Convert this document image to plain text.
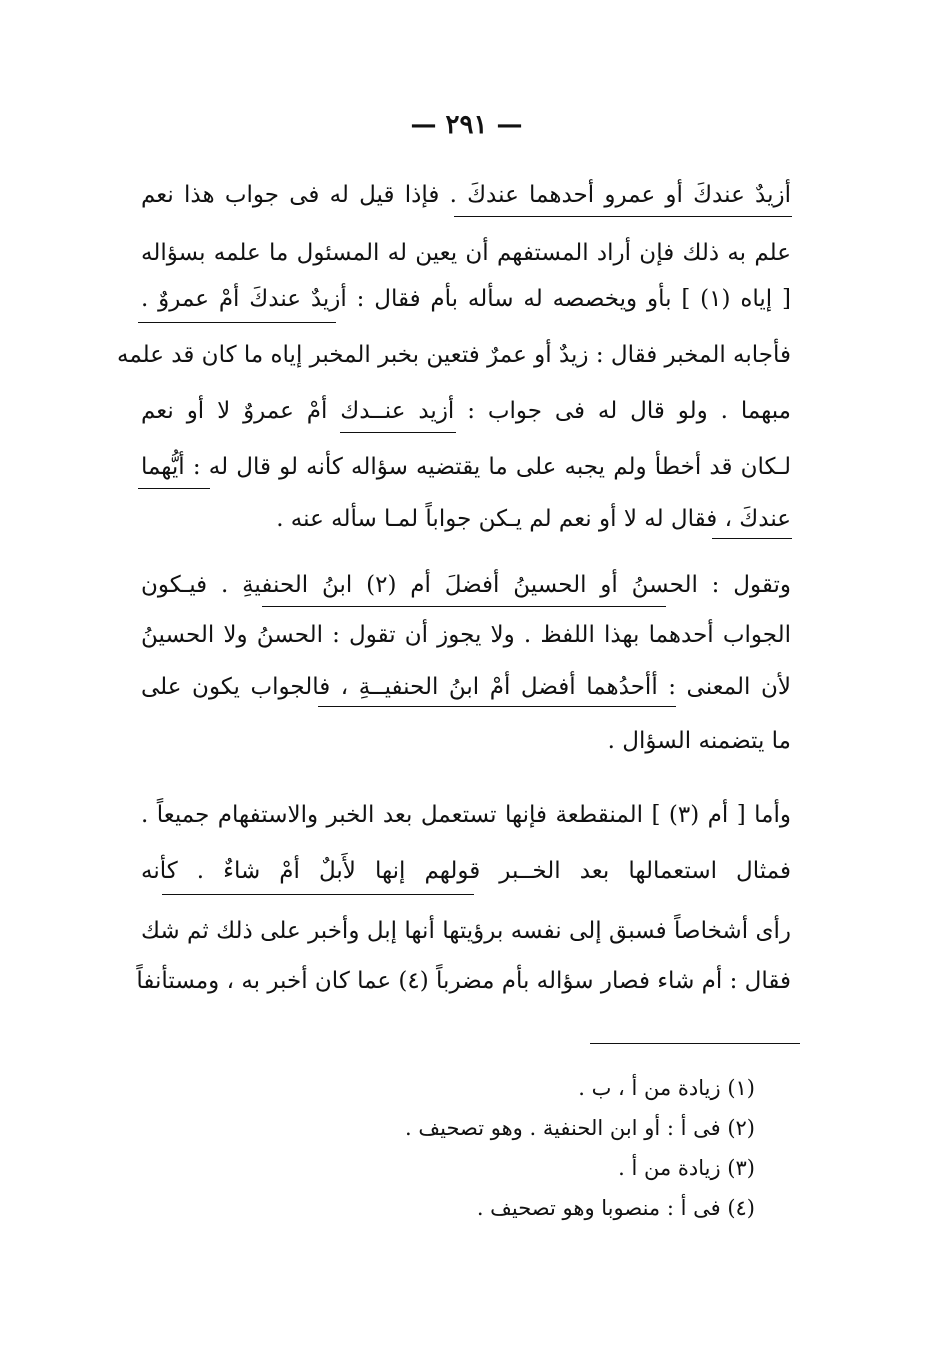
— ٢٩١ —
أزيدٌ عندكَ أو عمرو أحدهما عندكَ . فإذا قيل له فى جواب هذا نعم
علم به ذلك فإن أراد المستفهم أن يعين له المسئول ما علمه بسؤاله
[ إياه (١) ] بأو ويخصصه له سأله بأم فقال : أزيدٌ عندكَ أمْ عمروٌ .
فأجابه المخبر فقال : زيدٌ أو عمرٌ فتعين بخبر المخبر إياه ما كان قد علمه
مبهما . ولو قال له فى جواب : أزيد عنــدك أمْ عمروٌ لا أو نعم
لـكان قد أخطأ ولم يجبه على ما يقتضيه سؤاله كأنه لو قال له : أيُّهما
عندكَ ، فقال له لا أو نعم لم يـكن جواباً لمـا سأله عنه .
وتقول : الحسنُ أو الحسينُ أفضلَ أم (٢) ابنُ الحنفيةِ . فيـكون
الجواب أحدهما بهذا اللفظ . ولا يجوز أن تقول : الحسنُ ولا الحسينُ
لأن المعنى : أأحدُهما أفضل أمْ ابنُ الحنفيــةِ ، فالجواب يكون على
ما يتضمنه السؤال .
وأما [ أم (٣) ] المنقطعة فإنها تستعمل بعد الخبر والاستفهام جميعاً .
فمثال استعمالها بعد الخــبر قولهم إنها لأَبلٌ أمْ شاءٌ . كأنه
رأى أشخاصاً فسبق إلى نفسه برؤيتها أنها إبل وأخبر على ذلك ثم شك
فقال : أم شاء فصار سؤاله بأم مضرباً (٤) عما كان أخبر به ، ومستأنفاً
(١) زيادة من أ ، ب .
(٢) فى أ : أو ابن الحنفية . وهو تصحيف .
(٣) زيادة من أ .
(٤) فى أ : منصوبا وهو تصحيف .
